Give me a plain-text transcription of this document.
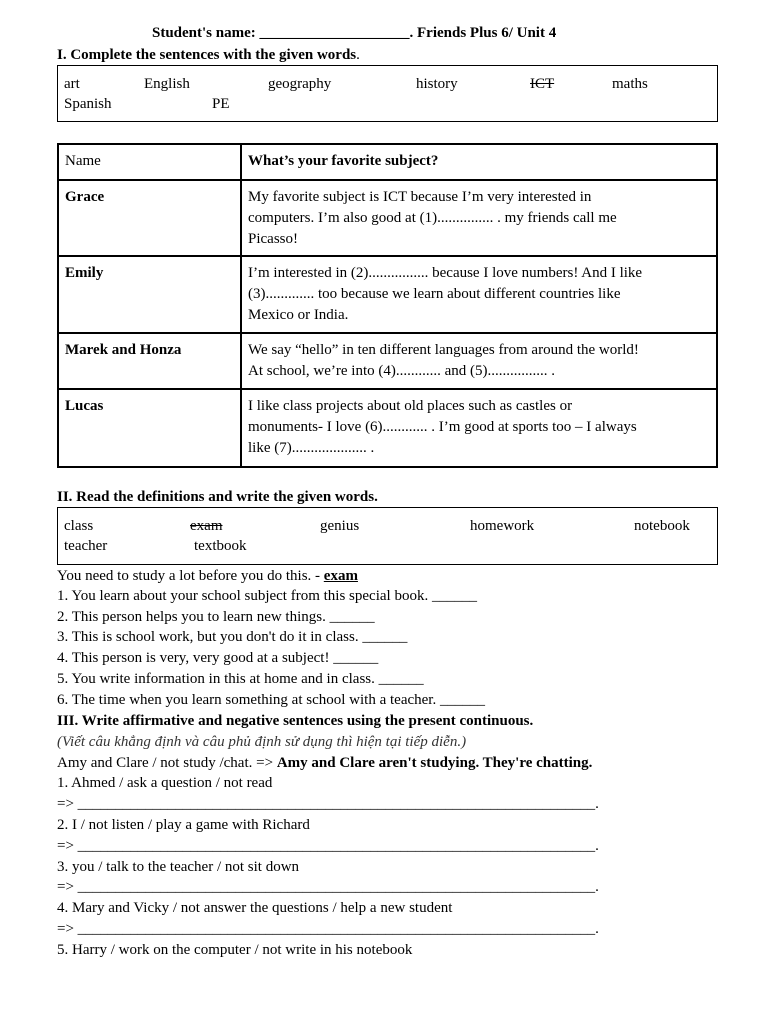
Student's name: ____________________. Friends Plus 6/ Unit 4
I. Complete the sentences with the given words.
art	English	geography	history	ICT	maths
Spanish	PE
Name	What’s your favorite subject?
Grace	My favorite subject is ICT because I’m very interested in
computers. I’m also good at (1)............... . my friends call me
Picasso!

Emily	I’m interested in (2)................ because I love numbers! And I like
(3)............. too because we learn about different countries like
Mexico or India.

Marek and Honza	We say “hello” in ten different languages from around the world!
At school, we’re into (4)............ and (5)................ .

Lucas	I like class projects about old places such as castles or
monuments- I love (6)............ . I’m good at sports too – I always
like (7).................... .
II. Read the definitions and write the given words.
class	exam	genius	homework	notebook
teacher	textbook
You need to study a lot before you do this. - exam
1. You learn about your school subject from this special book. ______
2. This person helps you to learn new things. ______
3. This is school work, but you don't do it in class. ______
4. This person is very, very good at a subject! ______
5. You write information in this at home and in class. ______
6. The time when you learn something at school with a teacher. ______
III. Write affirmative and negative sentences using the present continuous.
(Viết câu khẳng định và câu phủ định sử dụng thì hiện tại tiếp diễn.)
Amy and Clare / not study /chat. => Amy and Clare aren't studying. They're chatting.
1. Ahmed / ask a question / not read
=> _____________________________________________________________________.
2. I / not listen / play a game with Richard
=> _____________________________________________________________________.
3. you / talk to the teacher / not sit down
=> _____________________________________________________________________.
4. Mary and Vicky / not answer the questions / help a new student
=> _____________________________________________________________________.
5. Harry / work on the computer / not write in his notebook
